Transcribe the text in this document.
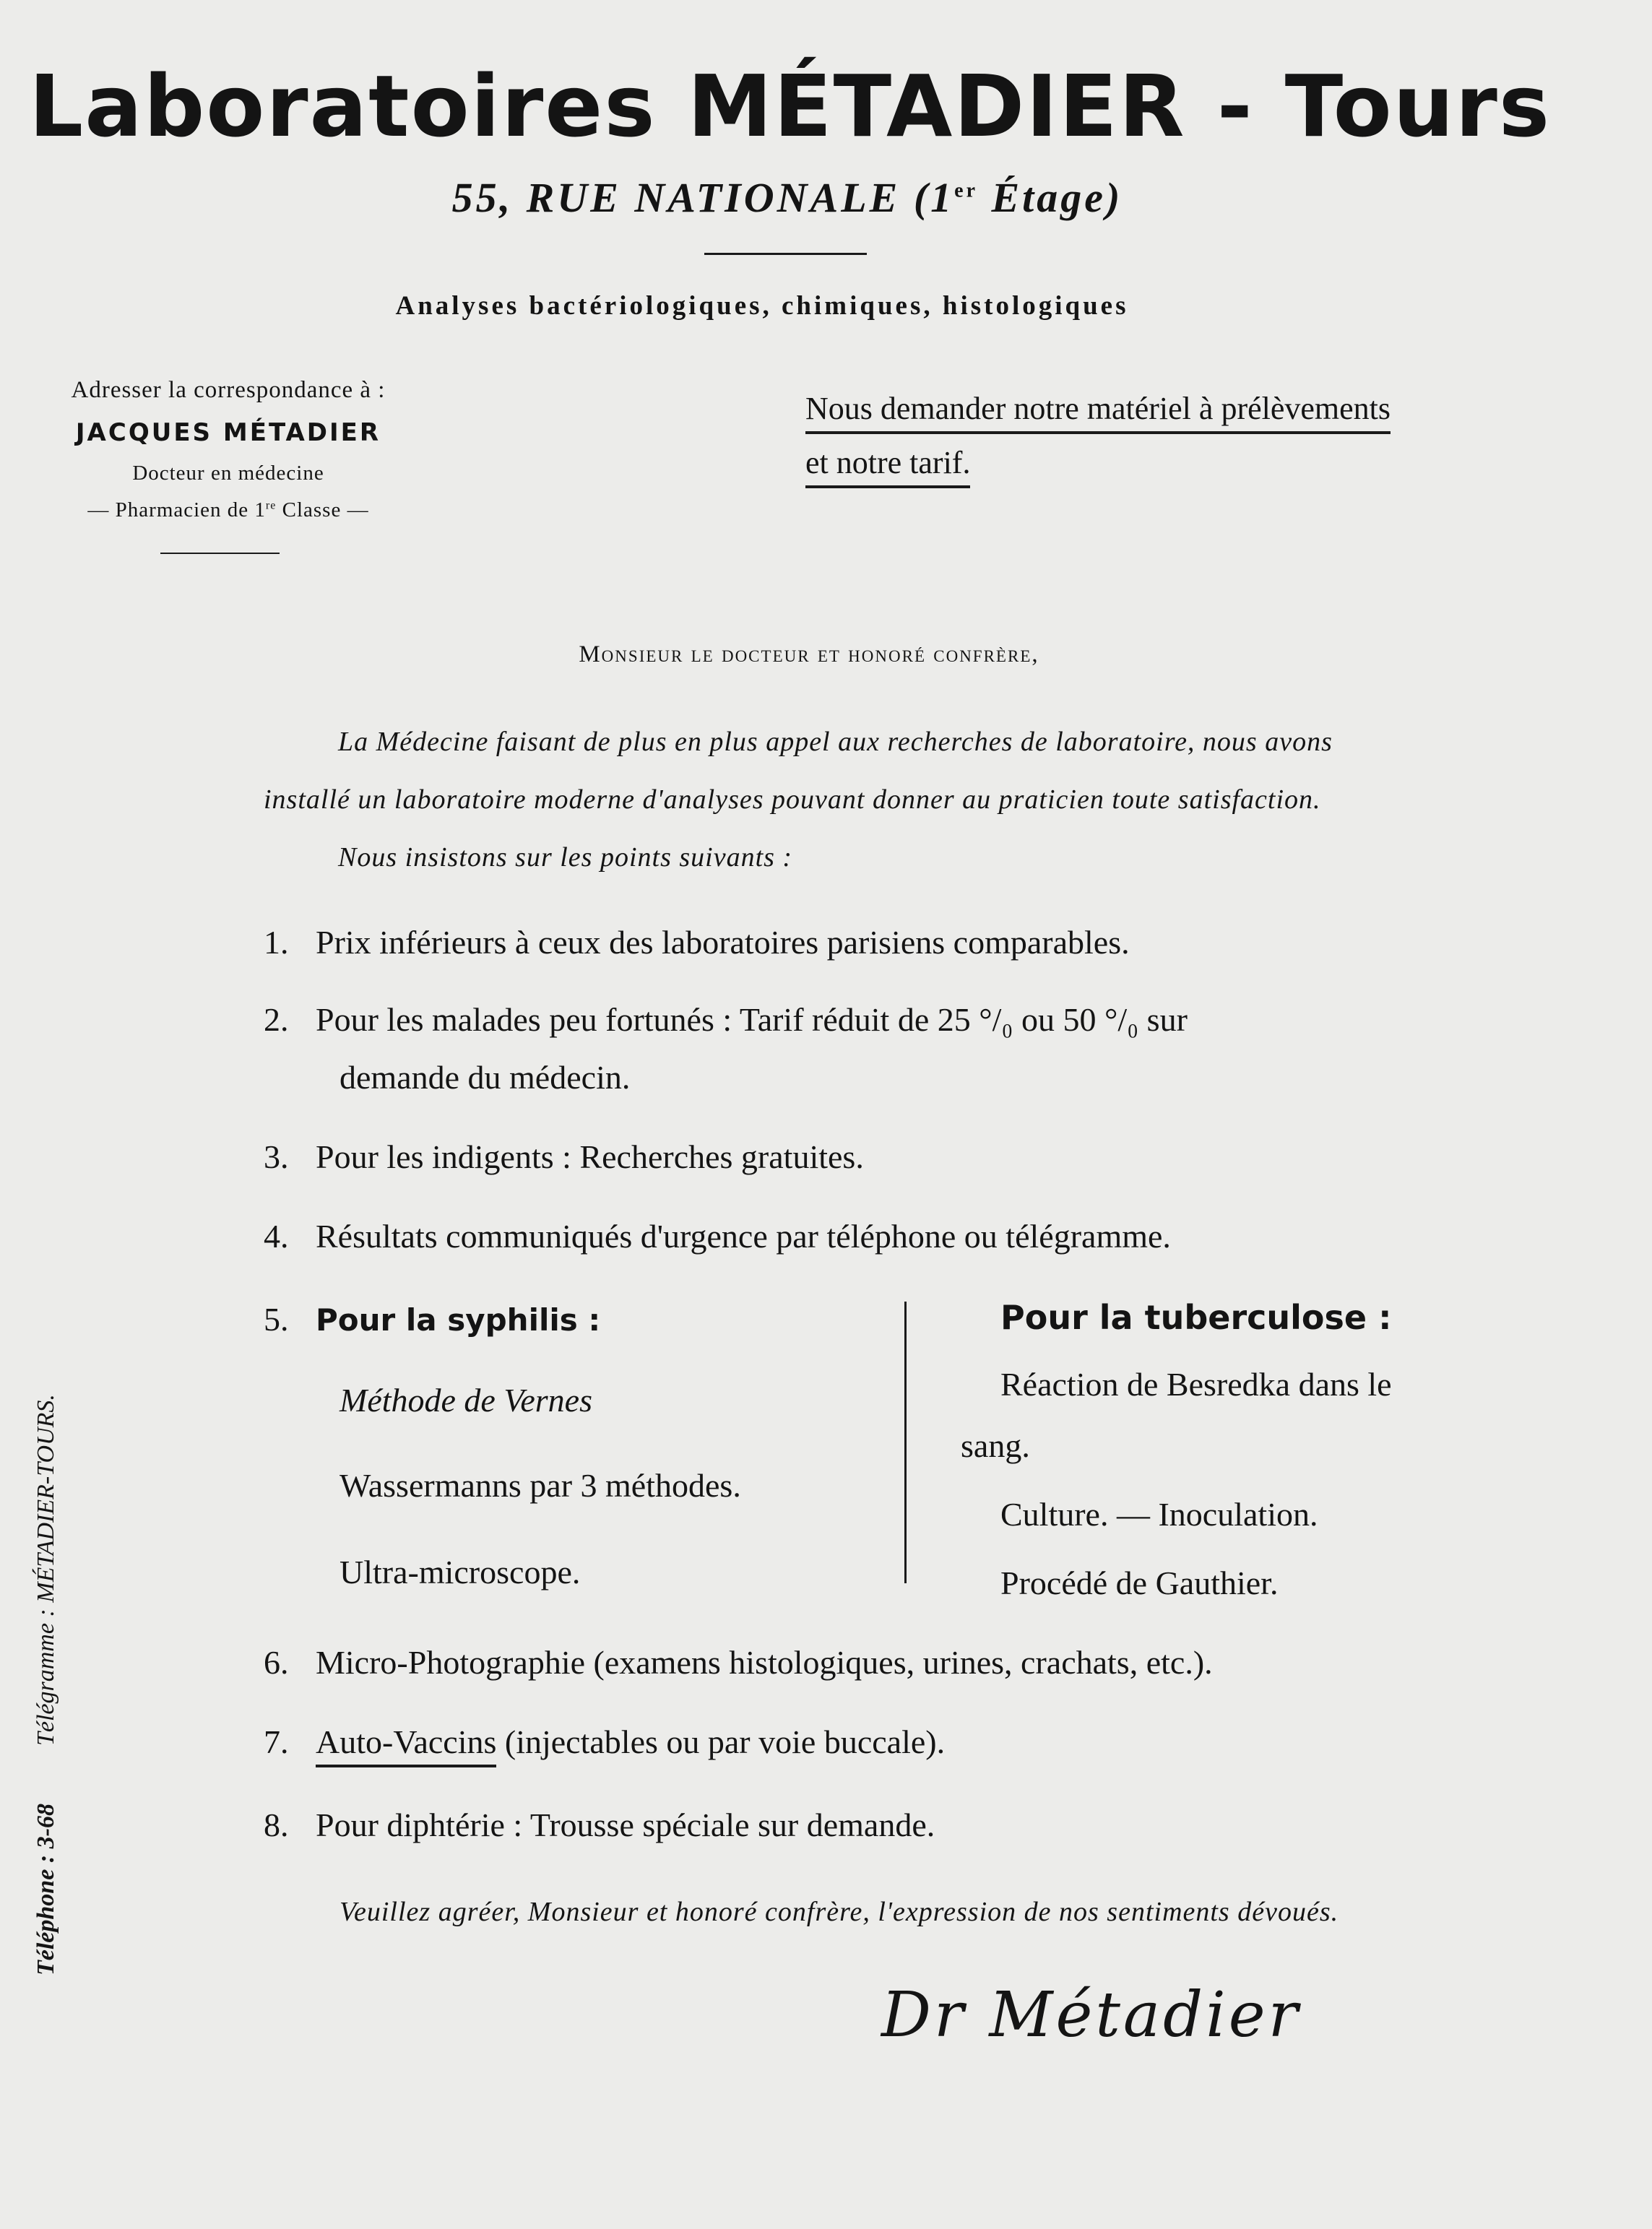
Laboratoires MÉTADIER - Tours
55, RUE NATIONALE (1er Étage)
Analyses bactériologiques, chimiques, histologiques
Adresser la correspondance à :
JACQUES MÉTADIER
Docteur en médecine
— Pharmacien de 1re Classe —
Nous demander notre matériel à prélèvements
et notre tarif.
Monsieur le docteur et honoré confrère,
La Médecine faisant de plus en plus appel aux recherches de laboratoire, nous avons
installé un laboratoire moderne d'analyses pouvant donner au praticien toute satisfaction.
Nous insistons sur les points suivants :
1. Prix inférieurs à ceux des laboratoires parisiens comparables.
2. Pour les malades peu fortunés : Tarif réduit de 25 °/₀ ou 50 °/₀ sur
demande du médecin.
3. Pour les indigents : Recherches gratuites.
4. Résultats communiqués d'urgence par téléphone ou télégramme.
5. Pour la syphilis :
Méthode de Vernes
Wassermanns par 3 méthodes.
Ultra-microscope.
Pour la tuberculose :
Réaction de Besredka dans le
sang.
Culture. — Inoculation.
Procédé de Gauthier.
6. Micro-Photographie (examens histologiques, urines, crachats, etc.).
7. Auto-Vaccins (injectables ou par voie buccale).
8. Pour diphtérie : Trousse spéciale sur demande.
Veuillez agréer, Monsieur et honoré confrère, l'expression de nos sentiments dévoués.
Dr Métadier
Téléphone : 3-68Télégramme : MÉTADIER-TOURS.
